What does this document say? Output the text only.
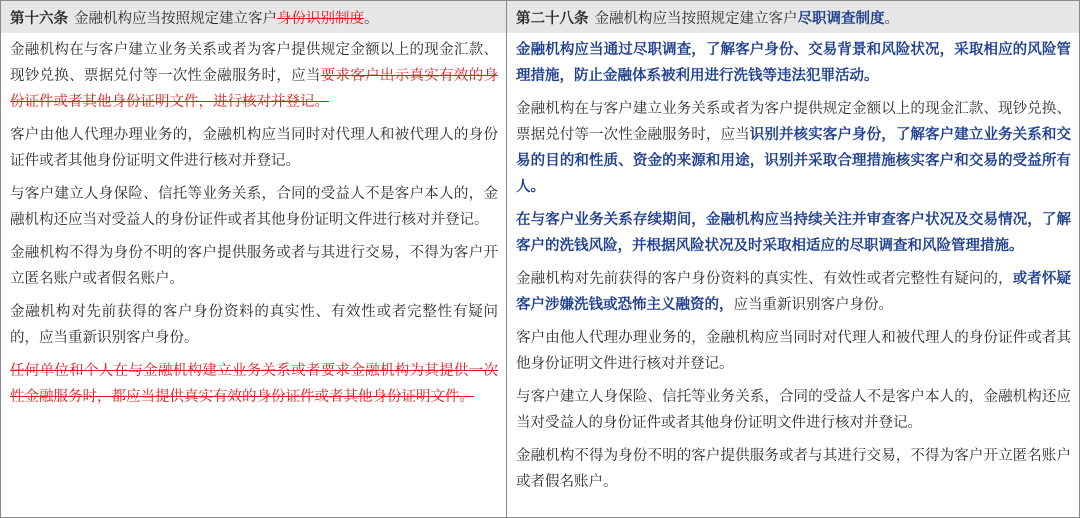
第十六条 金融机构应当按照规定建立客户身份识别制度。

金融机构在与客户建立业务关系或者为客户提供规定金额以上的现金汇款、现钞兑换、票据兑付等一次性金融服务时，应当要求客户出示真实有效的身份证件或者其他身份证明文件，进行核对并登记。

客户由他人代理办理业务的，金融机构应当同时对代理人和被代理人的身份证件或者其他身份证明文件进行核对并登记。

与客户建立人身保险、信托等业务关系，合同的受益人不是客户本人的，金融机构还应当对受益人的身份证件或者其他身份证明文件进行核对并登记。

金融机构不得为身份不明的客户提供服务或者与其进行交易，不得为客户开立匿名账户或者假名账户。

金融机构对先前获得的客户身份资料的真实性、有效性或者完整性有疑问的，应当重新识别客户身份。

任何单位和个人在与金融机构建立业务关系或者要求金融机构为其提供一次性金融服务时，都应当提供真实有效的身份证件或者其他身份证明文件。

第二十八条 金融机构应当按照规定建立客户尽职调查制度。

金融机构应当通过尽职调查，了解客户身份、交易背景和风险状况，采取相应的风险管理措施，防止金融体系被利用进行洗钱等违法犯罪活动。

金融机构在与客户建立业务关系或者为客户提供规定金额以上的现金汇款、现钞兑换、票据兑付等一次性金融服务时，应当识别并核实客户身份，了解客户建立业务关系和交易的目的和性质、资金的来源和用途，识别并采取合理措施核实客户和交易的受益所有人。

在与客户业务关系存续期间，金融机构应当持续关注并审查客户状况及交易情况，了解客户的洗钱风险，并根据风险状况及时采取相适应的尽职调查和风险管理措施。

金融机构对先前获得的客户身份资料的真实性、有效性或者完整性有疑问的，或者怀疑客户涉嫌洗钱或恐怖主义融资的，应当重新识别客户身份。

客户由他人代理办理业务的，金融机构应当同时对代理人和被代理人的身份证件或者其他身份证明文件进行核对并登记。

与客户建立人身保险、信托等业务关系，合同的受益人不是客户本人的，金融机构还应当对受益人的身份证件或者其他身份证明文件进行核对并登记。

金融机构不得为身份不明的客户提供服务或者与其进行交易，不得为客户开立匿名账户或者假名账户。
